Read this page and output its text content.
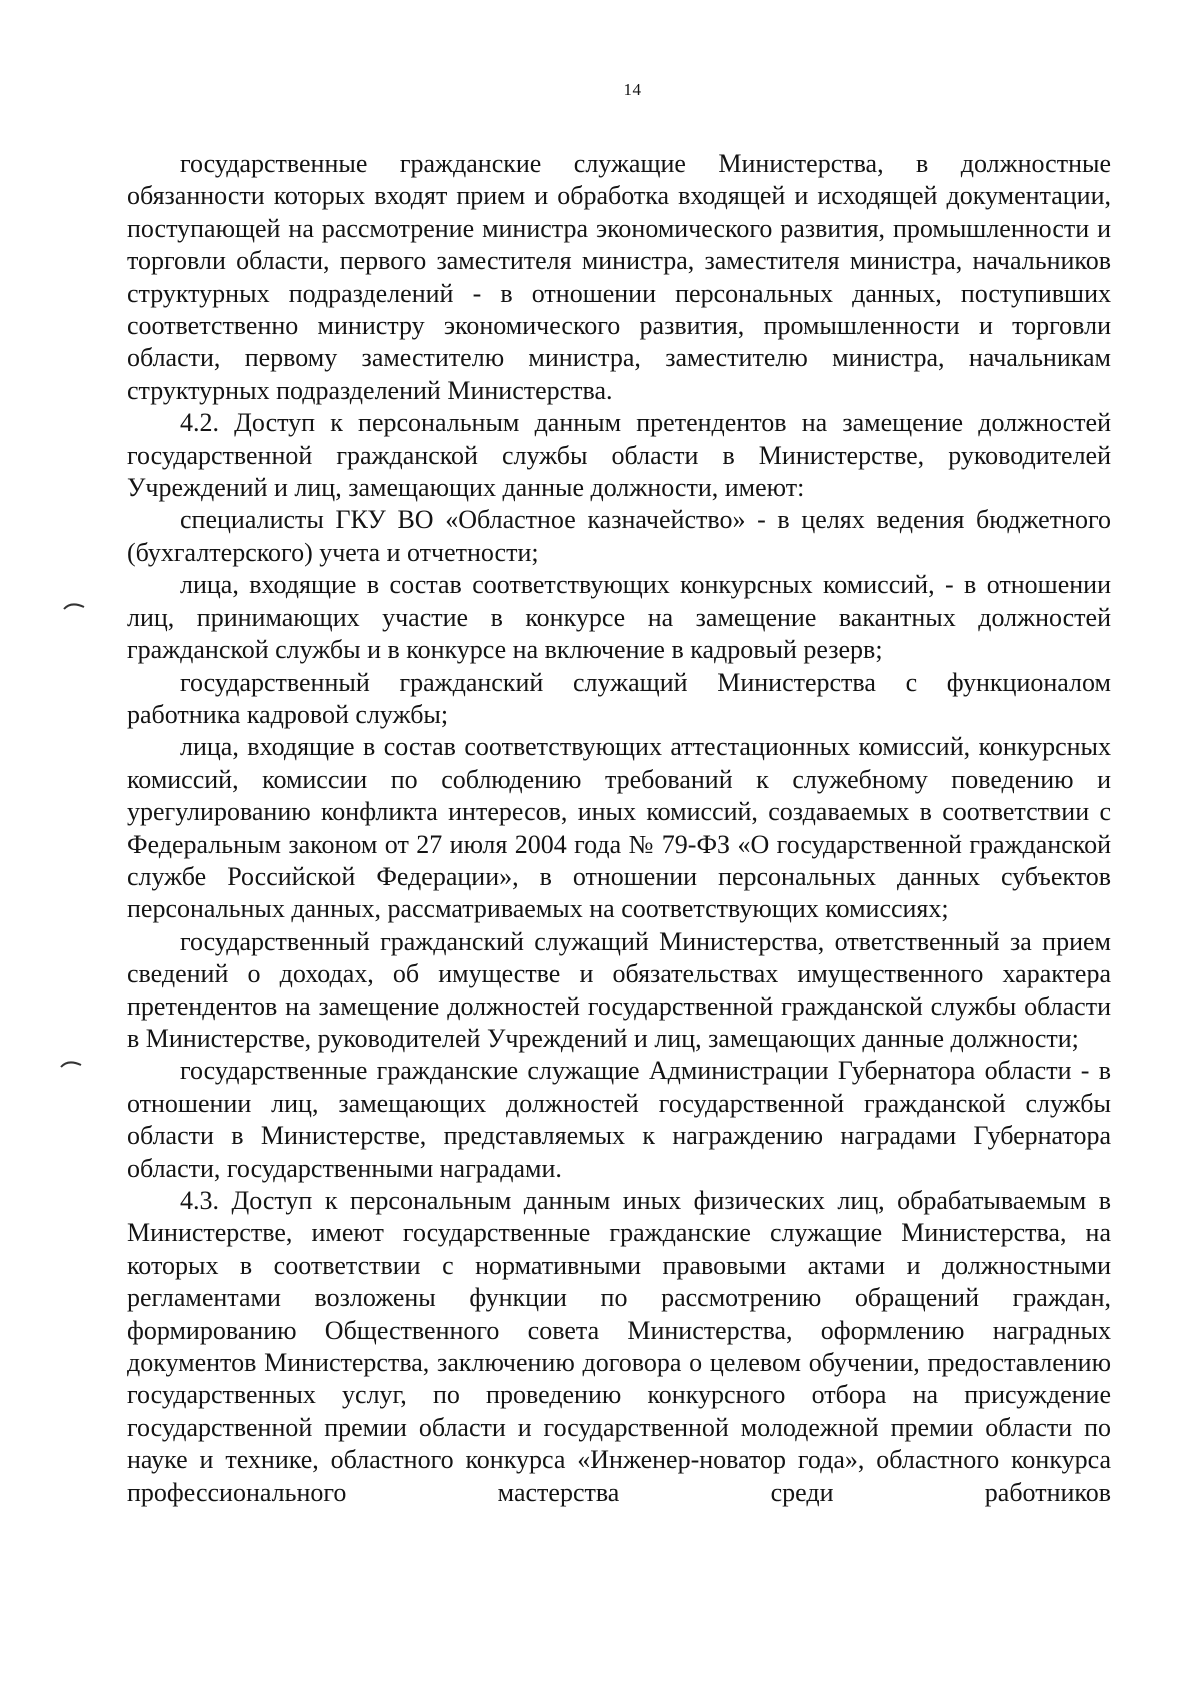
14

государственные гражданские служащие Министерства, в должностные обязанности которых входят прием и обработка входящей и исходящей документации, поступающей на рассмотрение министра экономического развития, промышленности и торговли области, первого заместителя министра, заместителя министра, начальников структурных подразделений - в отношении персональных данных, поступивших соответственно министру экономического развития, промышленности и торговли области, первому заместителю министра, заместителю министра, начальникам структурных подразделений Министерства.

4.2. Доступ к персональным данным претендентов на замещение должностей государственной гражданской службы области в Министерстве, руководителей Учреждений и лиц, замещающих данные должности, имеют:

специалисты ГКУ ВО «Областное казначейство» - в целях ведения бюджетного (бухгалтерского) учета и отчетности;

лица, входящие в состав соответствующих конкурсных комиссий, - в отношении лиц, принимающих участие в конкурсе на замещение вакантных должностей гражданской службы и в конкурсе на включение в кадровый резерв;

государственный гражданский служащий Министерства с функционалом работника кадровой службы;

лица, входящие в состав соответствующих аттестационных комиссий, конкурсных комиссий, комиссии по соблюдению требований к служебному поведению и урегулированию конфликта интересов, иных комиссий, создаваемых в соответствии с Федеральным законом от 27 июля 2004 года № 79-ФЗ «О государственной гражданской службе Российской Федерации», в отношении персональных данных субъектов персональных данных, рассматриваемых на соответствующих комиссиях;

государственный гражданский служащий Министерства, ответственный за прием сведений о доходах, об имуществе и обязательствах имущественного характера претендентов на замещение должностей государственной гражданской службы области в Министерстве, руководителей Учреждений и лиц, замещающих данные должности;

государственные гражданские служащие Администрации Губернатора области - в отношении лиц, замещающих должностей государственной гражданской службы области в Министерстве, представляемых к награждению наградами Губернатора области, государственными наградами.

4.3. Доступ к персональным данным иных физических лиц, обрабатываемым в Министерстве, имеют государственные гражданские служащие Министерства, на которых в соответствии с нормативными правовыми актами и должностными регламентами возложены функции по рассмотрению обращений граждан, формированию Общественного совета Министерства, оформлению наградных документов Министерства, заключению договора о целевом обучении, предоставлению государственных услуг, по проведению конкурсного отбора на присуждение государственной премии области и государственной молодежной премии области по науке и технике, областного конкурса «Инженер-новатор года», областного конкурса профессионального мастерства среди работников
